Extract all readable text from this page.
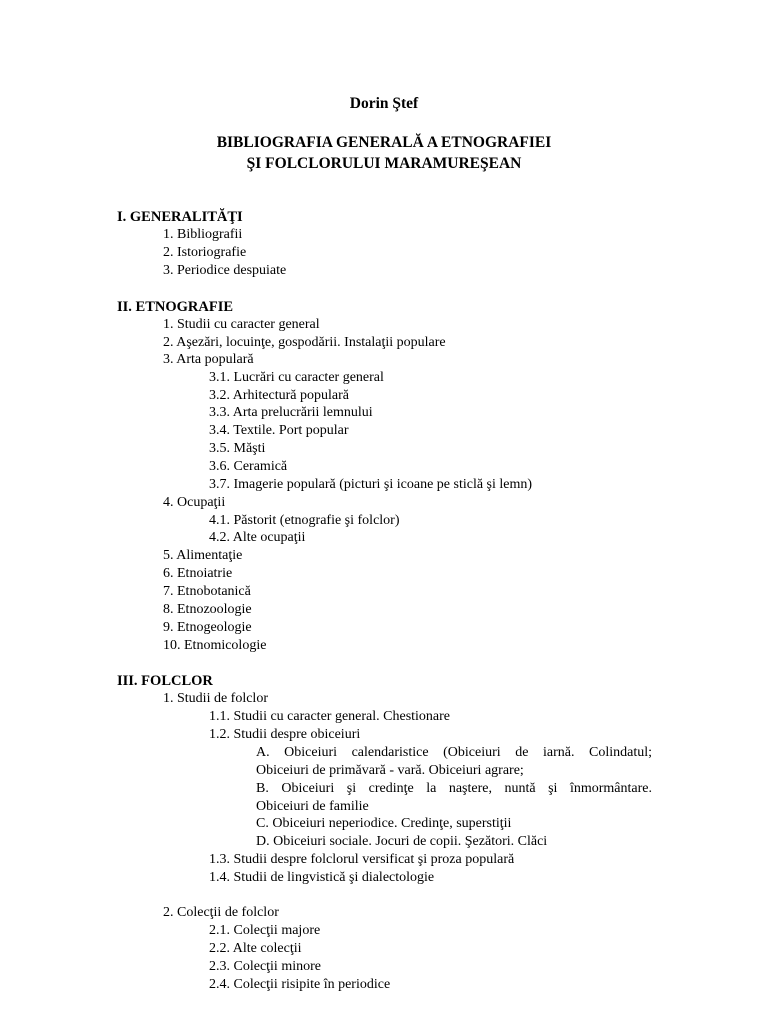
Dorin Ştef
BIBLIOGRAFIA GENERALĂ A ETNOGRAFIEI
ŞI FOLCLORULUI MARAMUREŞEAN
I. GENERALITĂŢI
1. Bibliografii
2. Istoriografie
3. Periodice despuiate
II. ETNOGRAFIE
1. Studii cu caracter general
2. Aşezări, locuinţe, gospodării. Instalaţii populare
3. Arta populară
3.1. Lucrări cu caracter general
3.2. Arhitectură populară
3.3. Arta prelucrării lemnului
3.4. Textile. Port popular
3.5. Măşti
3.6. Ceramică
3.7. Imagerie populară (picturi şi icoane pe sticlă şi lemn)
4. Ocupaţii
4.1. Păstorit (etnografie şi folclor)
4.2. Alte ocupaţii
5. Alimentaţie
6. Etnoiatrie
7. Etnobotanică
8. Etnozoologie
9. Etnogeologie
10. Etnomicologie
III. FOLCLOR
1. Studii de folclor
1.1. Studii cu caracter general. Chestionare
1.2. Studii despre obiceiuri
A. Obiceiuri calendaristice (Obiceiuri de iarnă. Colindatul;
Obiceiuri de primăvară - vară. Obiceiuri agrare;
B. Obiceiuri şi credinţe la naştere, nuntă şi înmormântare.
Obiceiuri de familie
C. Obiceiuri neperiodice. Credinţe, superstiţii
D. Obiceiuri sociale. Jocuri de copii. Şezători. Clăci
1.3. Studii despre folclorul versificat şi proza populară
1.4. Studii de lingvistică şi dialectologie
2. Colecţii de folclor
2.1. Colecţii majore
2.2. Alte colecţii
2.3. Colecţii minore
2.4. Colecţii risipite în periodice
